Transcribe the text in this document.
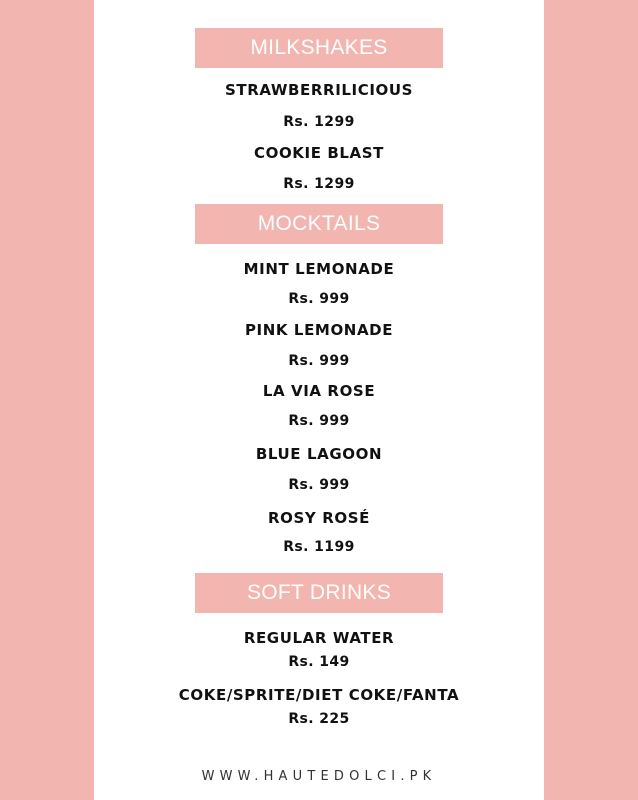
MILKSHAKES
STRAWBERRILICIOUS
Rs. 1299
COOKIE BLAST
Rs. 1299
MOCKTAILS
MINT LEMONADE
Rs. 999
PINK LEMONADE
Rs. 999
LA VIA ROSE
Rs. 999
BLUE LAGOON
Rs. 999
ROSY ROSÉ
Rs. 1199
SOFT DRINKS
REGULAR WATER
Rs. 149
COKE/SPRITE/DIET COKE/FANTA
Rs. 225
WWW.HAUTEDOLCI.PK
